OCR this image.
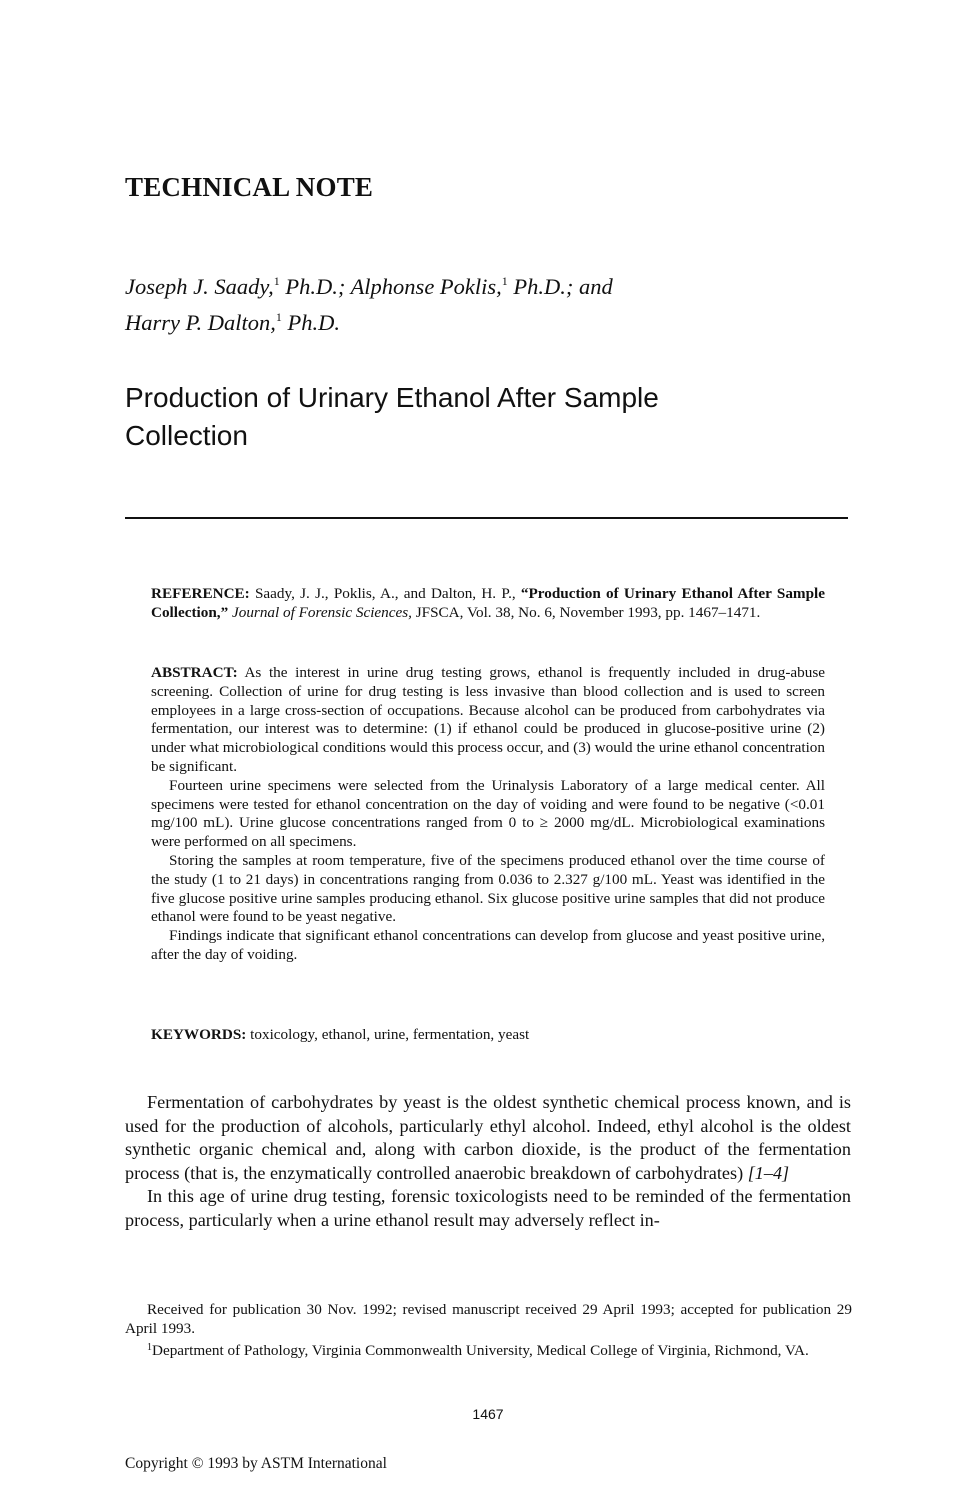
TECHNICAL NOTE
Joseph J. Saady,$^1$ Ph.D.; Alphonse Poklis,$^1$ Ph.D.; and
Harry P. Dalton,$^1$ Ph.D.
Production of Urinary Ethanol After Sample
Collection
REFERENCE: Saady, J. J., Poklis, A., and Dalton, H. P., “Production of Urinary Ethanol After Sample Collection,” Journal of Forensic Sciences, JFSCA, Vol. 38, No. 6, November 1993, pp. 1467–1471.

ABSTRACT: As the interest in urine drug testing grows, ethanol is frequently included in drug-abuse screening. Collection of urine for drug testing is less invasive than blood collection and is used to screen employees in a large cross-section of occupations. Because alcohol can be produced from carbohydrates via fermentation, our interest was to determine: (1) if ethanol could be produced in glucose-positive urine (2) under what microbiological conditions would this process occur, and (3) would the urine ethanol concentration be significant.

Fourteen urine specimens were selected from the Urinalysis Laboratory of a large medical center. All specimens were tested for ethanol concentration on the day of voiding and were found to be negative (<0.01 mg/100 mL). Urine glucose concentrations ranged from 0 to ≥ 2000 mg/dL. Microbiological examinations were performed on all specimens.

Storing the samples at room temperature, five of the specimens produced ethanol over the time course of the study (1 to 21 days) in concentrations ranging from 0.036 to 2.327 g/100 mL. Yeast was identified in the five glucose positive urine samples producing ethanol. Six glucose positive urine samples that did not produce ethanol were found to be yeast negative.

Findings indicate that significant ethanol concentrations can develop from glucose and yeast positive urine, after the day of voiding.

KEYWORDS: toxicology, ethanol, urine, fermentation, yeast

Fermentation of carbohydrates by yeast is the oldest synthetic chemical process known, and is used for the production of alcohols, particularly ethyl alcohol. Indeed, ethyl alcohol is the oldest synthetic organic chemical and, along with carbon dioxide, is the product of the fermentation process (that is, the enzymatically controlled anaerobic breakdown of carbohydrates) [1–4]

In this age of urine drug testing, forensic toxicologists need to be reminded of the fermentation process, particularly when a urine ethanol result may adversely reflect in-

Received for publication 30 Nov. 1992; revised manuscript received 29 April 1993; accepted for publication 29 April 1993.

$^1$Department of Pathology, Virginia Commonwealth University, Medical College of Virginia, Richmond, VA.

1467
Copyright © 1993 by ASTM International
